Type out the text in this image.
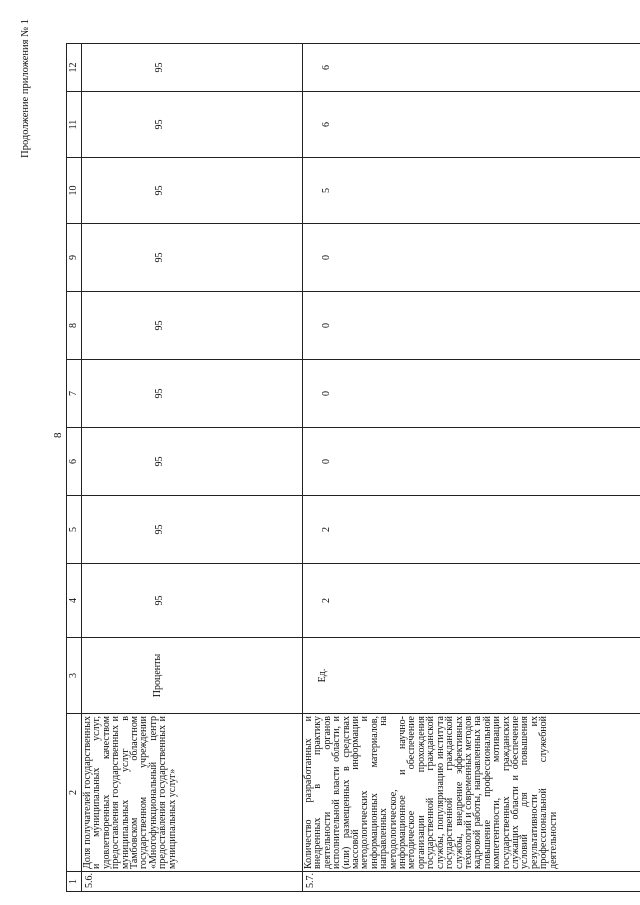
8
Продолжение приложения № 1
1	2	3	4	5	6	7	8	9	10	11	12
5.6.	Доля получателей государственных и муниципальных услуг, удовлетворенных качеством предоставления государственных и муниципальных услуг в Тамбовском областном государственном учреждении «Многофункциональный центр предоставления государственных и муниципальных услуг»	Проценты	95	95	95	95	95	95	95	95	95
5.7.	Количество разработанных и внедренных в практику деятельности органов исполнительной власти области, и (или) размещенных в средствах массовой информации методологических и информационных материалов, направленных на методологическое, информационное и научно-методическое обеспечение организации прохождения государственной гражданской службы, популяризацию института государственной гражданской службы, внедрение эффективных технологий и современных методов кадровой работы, направленных на повышение профессиональной компетентности, мотивации государственных гражданских служащих области и обеспечение условий для повышения результативности их профессиональной служебной деятельности	Ед.	2	2	0	0	0	0	5	6	6
